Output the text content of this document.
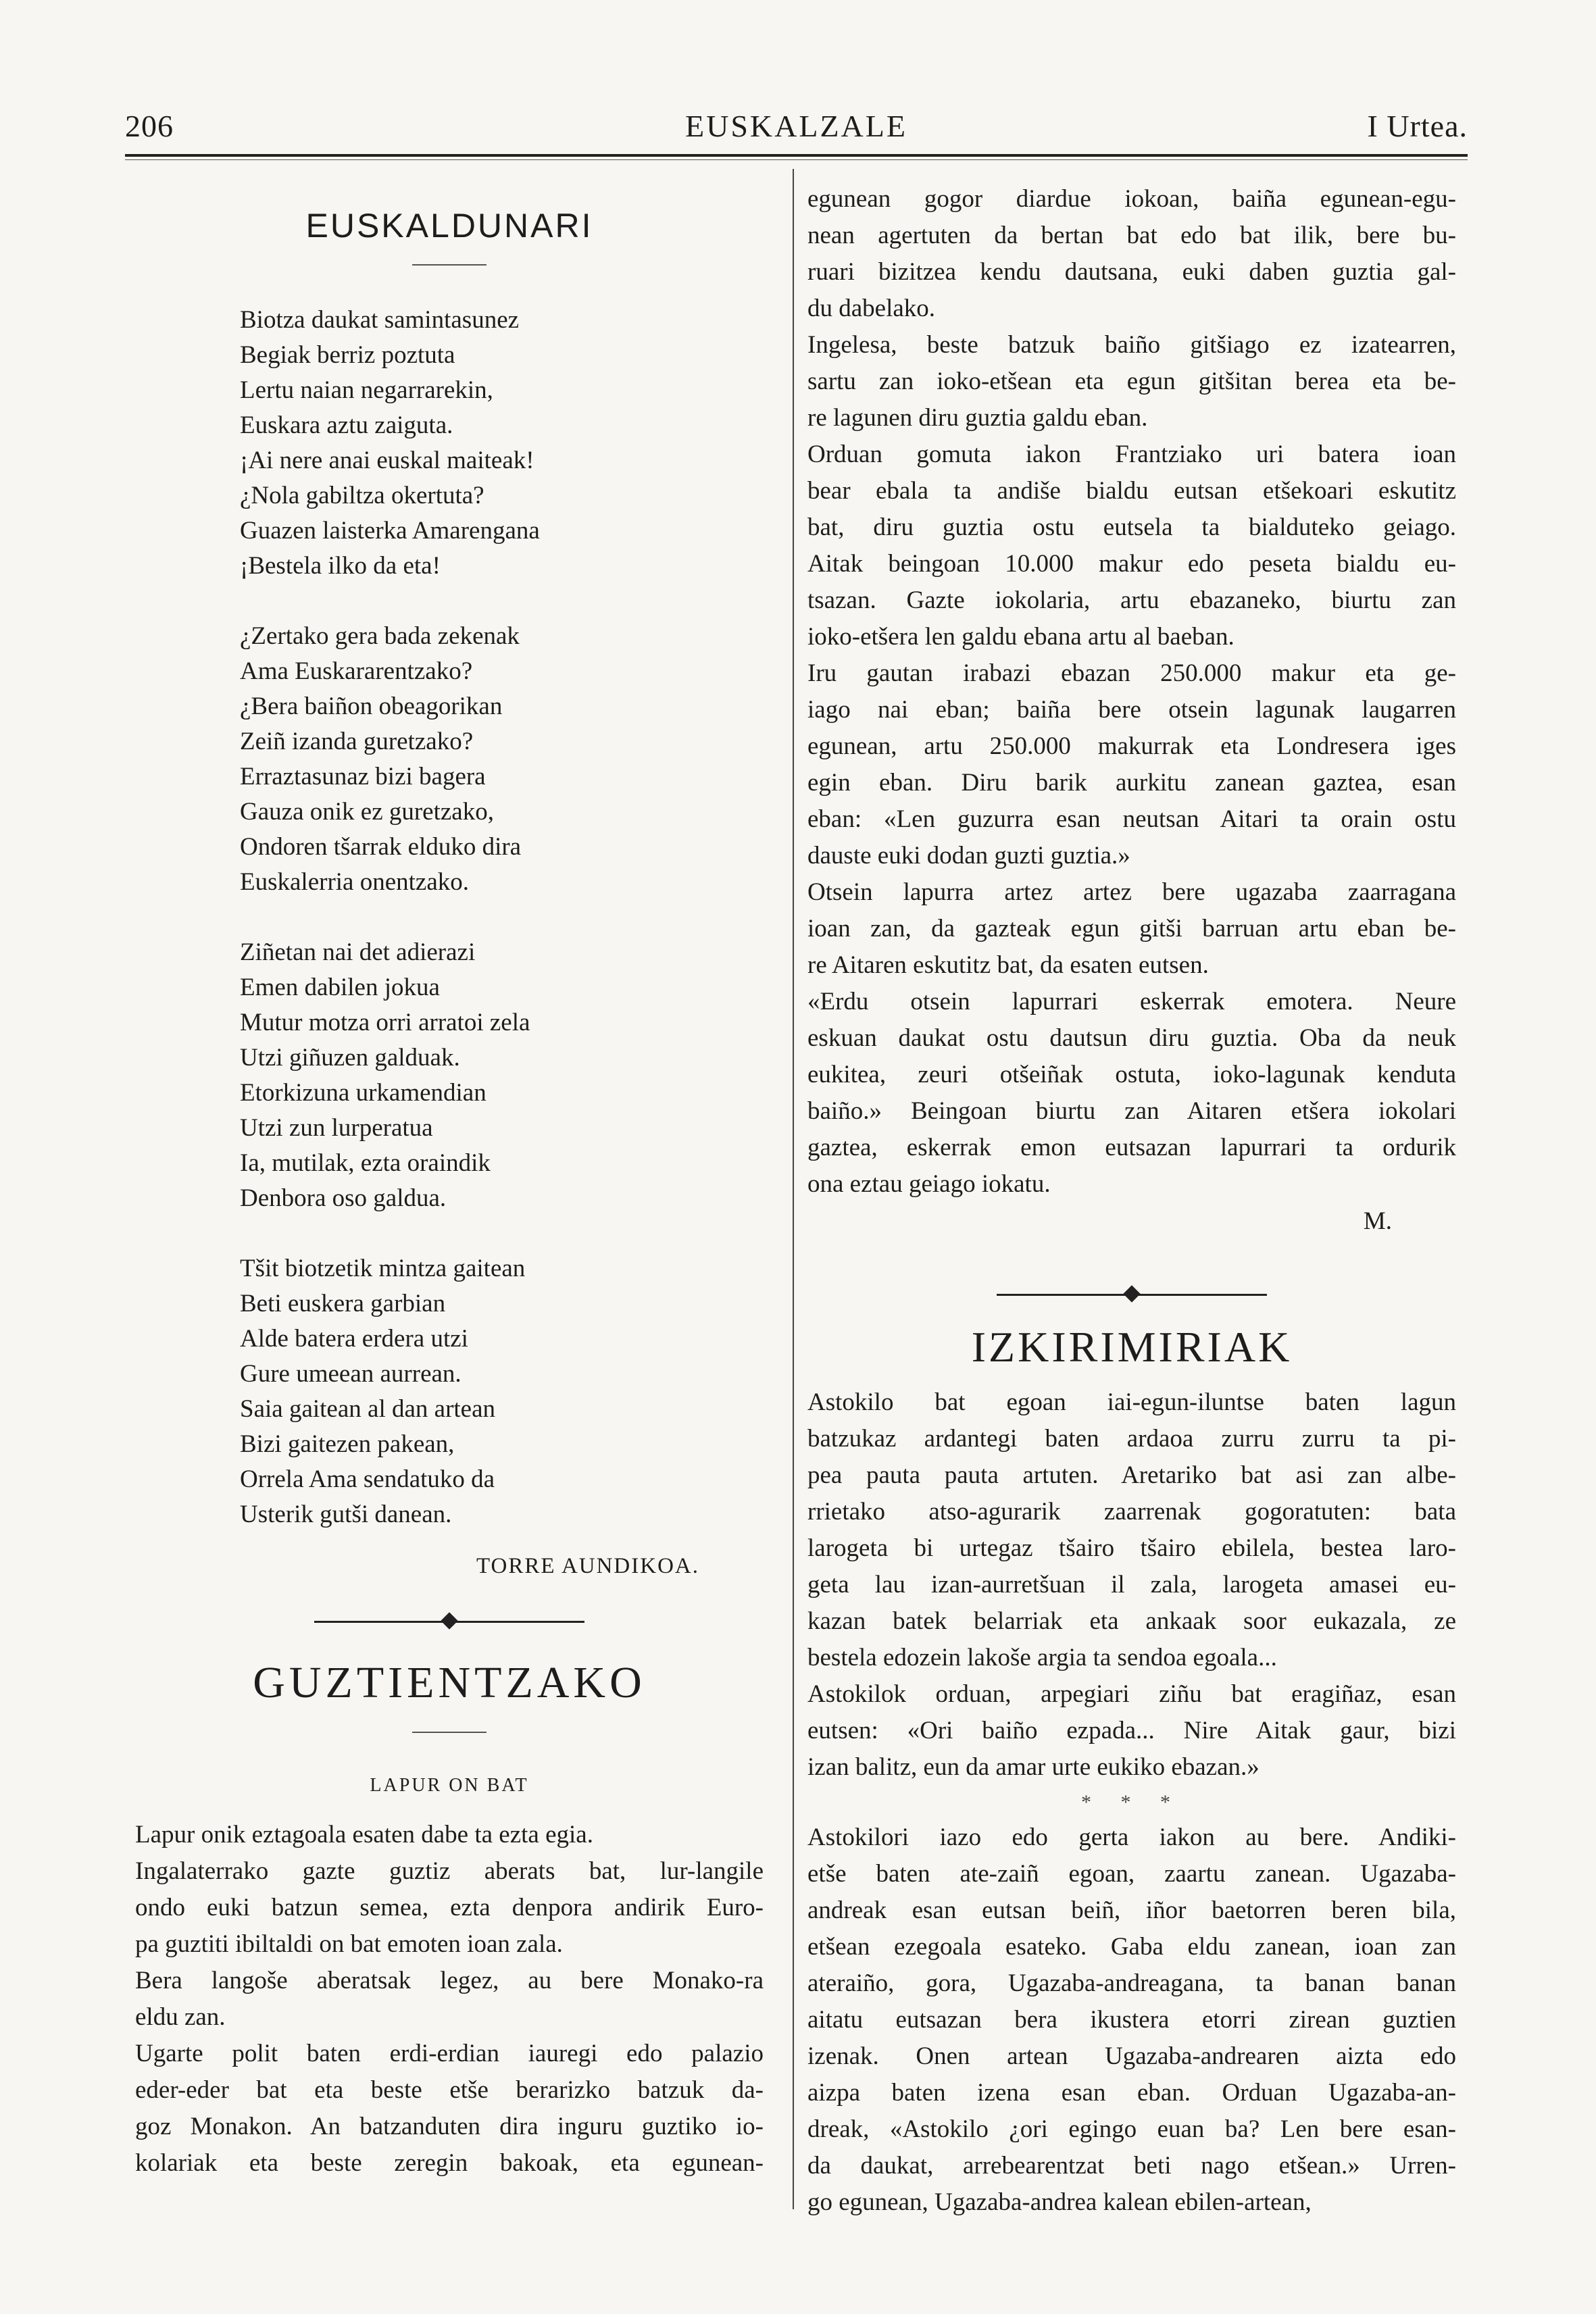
206	EUSKALZALE	I Urtea.
EUSKALDUNARI
Biotza daukat samintasunez
Begiak berriz poztuta
Lertu naian negarrarekin,
Euskara aztu zaiguta.
¡Ai nere anai euskal maiteak!
¿Nola gabiltza okertuta?
Guazen laisterka Amarengana
¡Bestela ilko da eta!
¿Zertako gera bada zekenak
Ama Euskararentzako?
¿Bera baiñon obeagorikan
Zeiñ izanda guretzako?
Erraztasunaz bizi bagera
Gauza onik ez guretzako,
Ondoren tšarrak elduko dira
Euskalerria onentzako.
Ziñetan nai det adierazi
Emen dabilen jokua
Mutur motza orri arratoi zela
Utzi giñuzen galduak.
Etorkizuna urkamendian
Utzi zun lurperatua
Ia, mutilak, ezta oraindik
Denbora oso galdua.
Tšit biotzetik mintza gaitean
Beti euskera garbian
Alde batera erdera utzi
Gure umeean aurrean.
Saia gaitean al dan artean
Bizi gaitezen pakean,
Orrela Ama sendatuko da
Usterik gutši danean.
TORRE AUNDIKOA.
GUZTIENTZAKO
LAPUR ON BAT
Lapur onik eztagoala esaten dabe ta ezta egia.
Ingalaterrako gazte guztiz aberats bat, lur-langile
ondo euki batzun semea, ezta denpora andirik Euro-
pa guztiti ibiltaldi on bat emoten ioan zala.
Bera langoše aberatsak legez, au bere Monako-ra
eldu zan.
Ugarte polit baten erdi-erdian iauregi edo palazio
eder-eder bat eta beste etše berarizko batzuk da-
goz Monakon. An batzanduten dira inguru guztiko io-
kolariak eta beste zeregin bakoak, eta egunean-
egunean gogor diardue iokoan, baiña egunean-egu-
nean agertuten da bertan bat edo bat ilik, bere bu-
ruari bizitzea kendu dautsana, euki daben guztia gal-
du dabelako.
Ingelesa, beste batzuk baiño gitšiago ez izatearren,
sartu zan ioko-etšean eta egun gitšitan berea eta be-
re lagunen diru guztia galdu eban.
Orduan gomuta iakon Frantziako uri batera ioan
bear ebala ta andiše bialdu eutsan etšekoari eskutitz
bat, diru guztia ostu eutsela ta bialduteko geiago.
Aitak beingoan 10.000 makur edo peseta bialdu eu-
tsazan. Gazte iokolaria, artu ebazaneko, biurtu zan
ioko-etšera len galdu ebana artu al baeban.
Iru gautan irabazi ebazan 250.000 makur eta ge-
iago nai eban; baiña bere otsein lagunak laugarren
egunean, artu 250.000 makurrak eta Londresera iges
egin eban. Diru barik aurkitu zanean gaztea, esan
eban: «Len guzurra esan neutsan Aitari ta orain ostu
dauste euki dodan guzti guztia.»
Otsein lapurra artez artez bere ugazaba zaarragana
ioan zan, da gazteak egun gitši barruan artu eban be-
re Aitaren eskutitz bat, da esaten eutsen.
«Erdu otsein lapurrari eskerrak emotera. Neure
eskuan daukat ostu dautsun diru guztia. Oba da neuk
eukitea, zeuri otšeiñak ostuta, ioko-lagunak kenduta
baiño.» Beingoan biurtu zan Aitaren etšera iokolari
gaztea, eskerrak emon eutsazan lapurrari ta ordurik
ona eztau geiago iokatu.
M.
IZKIRIMIRIAK
Astokilo bat egoan iai-egun-iluntse baten lagun
batzukaz ardantegi baten ardaoa zurru zurru ta pi-
pea pauta pauta artuten. Aretariko bat asi zan albe-
rrietako atso-agurarik zaarrenak gogoratuten: bata
larogeta bi urtegaz tšairo tšairo ebilela, bestea laro-
geta lau izan-aurretšuan il zala, larogeta amasei eu-
kazan batek belarriak eta ankaak soor eukazala, ze
bestela edozein lakoše argia ta sendoa egoala...
Astokilok orduan, arpegiari ziñu bat eragiñaz, esan
eutsen: «Ori baiño ezpada... Nire Aitak gaur, bizi
izan balitz, eun da amar urte eukiko ebazan.»
* * *
Astokilori iazo edo gerta iakon au bere. Andiki-
etše baten ate-zaiñ egoan, zaartu zanean. Ugazaba-
andreak esan eutsan beiñ, iñor baetorren beren bila,
etšean ezegoala esateko. Gaba eldu zanean, ioan zan
ateraiño, gora, Ugazaba-andreagana, ta banan banan
aitatu eutsazan bera ikustera etorri zirean guztien
izenak. Onen artean Ugazaba-andrearen aizta edo
aizpa baten izena esan eban. Orduan Ugazaba-an-
dreak, «Astokilo ¿ori egingo euan ba? Len bere esan-
da daukat, arrebearentzat beti nago etšean.» Urren-
go egunean, Ugazaba-andrea kalean ebilen-artean,
